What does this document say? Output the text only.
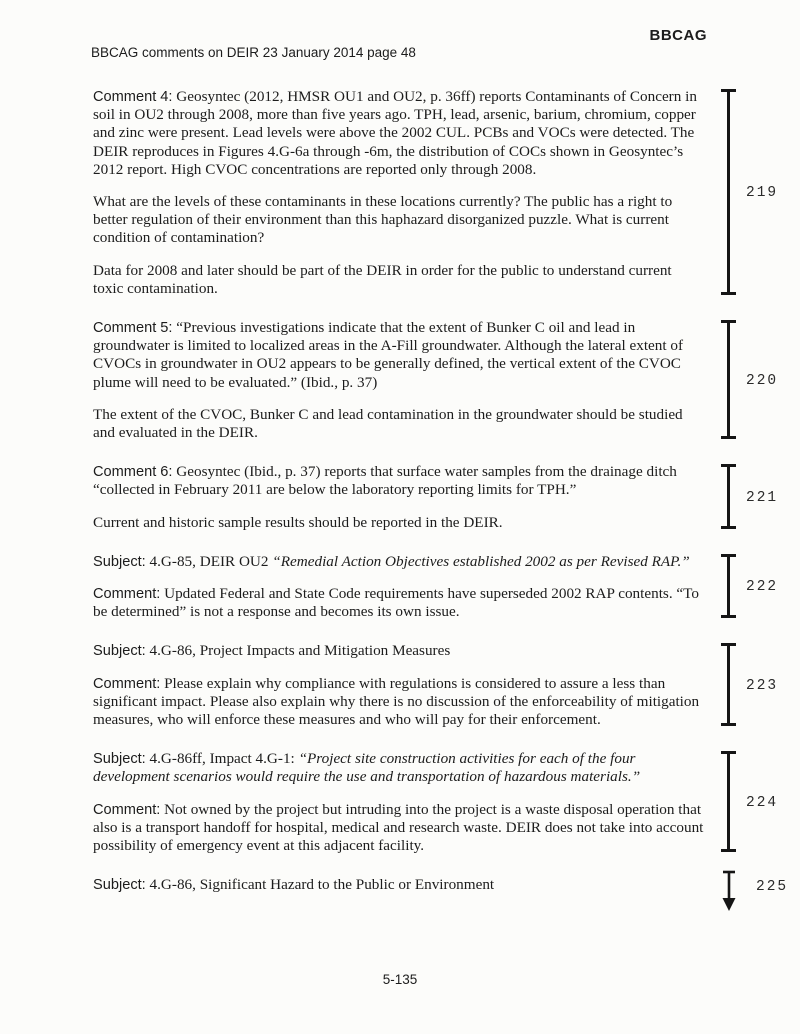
BBCAG
BBCAG comments on DEIR 23 January 2014 page 48

Comment 4: Geosyntec (2012, HMSR OU1 and OU2, p. 36ff) reports Contaminants of Concern in soil in OU2 through 2008, more than five years ago. TPH, lead, arsenic, barium, chromium, copper and zinc were present. Lead levels were above the 2002 CUL. PCBs and VOCs were detected. The DEIR reproduces in Figures 4.G-6a through -6m, the distribution of COCs shown in Geosyntec’s 2012 report. High CVOC concentrations are reported only through 2008.

What are the levels of these contaminants in these locations currently? The public has a right to better regulation of their environment than this haphazard disorganized puzzle. What is current condition of contamination?

Data for 2008 and later should be part of the DEIR in order for the public to understand current toxic contamination.

219

Comment 5: “Previous investigations indicate that the extent of Bunker C oil and lead in groundwater is limited to localized areas in the A-Fill groundwater. Although the lateral extent of CVOCs in groundwater in OU2 appears to be generally defined, the vertical extent of the CVOC plume will need to be evaluated.” (Ibid., p. 37)

The extent of the CVOC, Bunker C and lead contamination in the groundwater should be studied and evaluated in the DEIR.

220

Comment 6: Geosyntec (Ibid., p. 37) reports that surface water samples from the drainage ditch “collected in February 2011 are below the laboratory reporting limits for TPH.”

Current and historic sample results should be reported in the DEIR.

221

Subject: 4.G-85, DEIR OU2 “Remedial Action Objectives established 2002 as per Revised RAP.”

Comment: Updated Federal and State Code requirements have superseded 2002 RAP contents. “To be determined” is not a response and becomes its own issue.

222

Subject: 4.G-86, Project Impacts and Mitigation Measures

Comment: Please explain why compliance with regulations is considered to assure a less than significant impact. Please also explain why there is no discussion of the enforceability of mitigation measures, who will enforce these measures and who will pay for their enforcement.

223

Subject: 4.G-86ff, Impact 4.G-1: “Project site construction activities for each of the four development scenarios would require the use and transportation of hazardous materials.”

Comment: Not owned by the project but intruding into the project is a waste disposal operation that also is a transport handoff for hospital, medical and research waste. DEIR does not take into account possibility of emergency event at this adjacent facility.

224

Subject: 4.G-86, Significant Hazard to the Public or Environment	225
5-135
